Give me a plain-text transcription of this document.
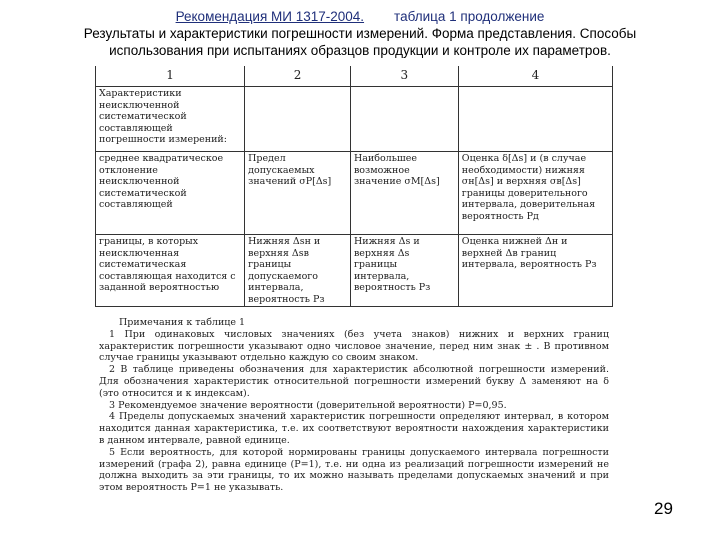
Рекомендация МИ 1317-2004. таблица 1 продолжение
Результаты и характеристики погрешности измерений. Форма представления. Способы
использования при испытаниях образцов продукции и контроле их параметров.
1	2	3	4
Характеристики неисключенной систематической составляющей погрешности измерений:			
среднее квадратическое отклонение неисключенной систематической составляющей	Предел допускаемых значений σP[Δs]	Наибольшее возможное значение σM[Δs]	Оценка δ[Δs] и (в случае необходимости) нижняя σн[Δs] и верхняя σв[Δs] границы доверительного интервала, доверительная вероятность Pд
границы, в которых неисключенная систематическая составляющая находится с заданной вероятностью	Нижняя Δsн и верхняя Δsв границы допускаемого интервала, вероятность Pз	Нижняя Δs и верхняя Δs границы интервала, вероятность Pз	Оценка нижней Δн и верхней Δв границ интервала, вероятность Pз

Примечания к таблице 1

1 При одинаковых числовых значениях (без учета знаков) нижних и верхних границ характеристик погрешности указывают одно числовое значение, перед ним знак ± . В противном случае границы указывают отдельно каждую со своим знаком.

2 В таблице приведены обозначения для характеристик абсолютной погрешности измерений. Для обозначения характеристик относительной погрешности измерений букву Δ заменяют на δ (это относится и к индексам).

3 Рекомендуемое значение вероятности (доверительной вероятности) P=0,95.

4 Пределы допускаемых значений характеристик погрешности определяют интервал, в котором находится данная характеристика, т.е. их соответствуют вероятности нахождения характеристики в данном интервале, равной единице.

5 Если вероятность, для которой нормированы границы допускаемого интервала погрешности измерений (графа 2), равна единице (P=1), т.е. ни одна из реализаций погрешности измерений не должна выходить за эти границы, то их можно называть пределами допускаемых значений и при этом вероятность P=1 не указывать.

29
